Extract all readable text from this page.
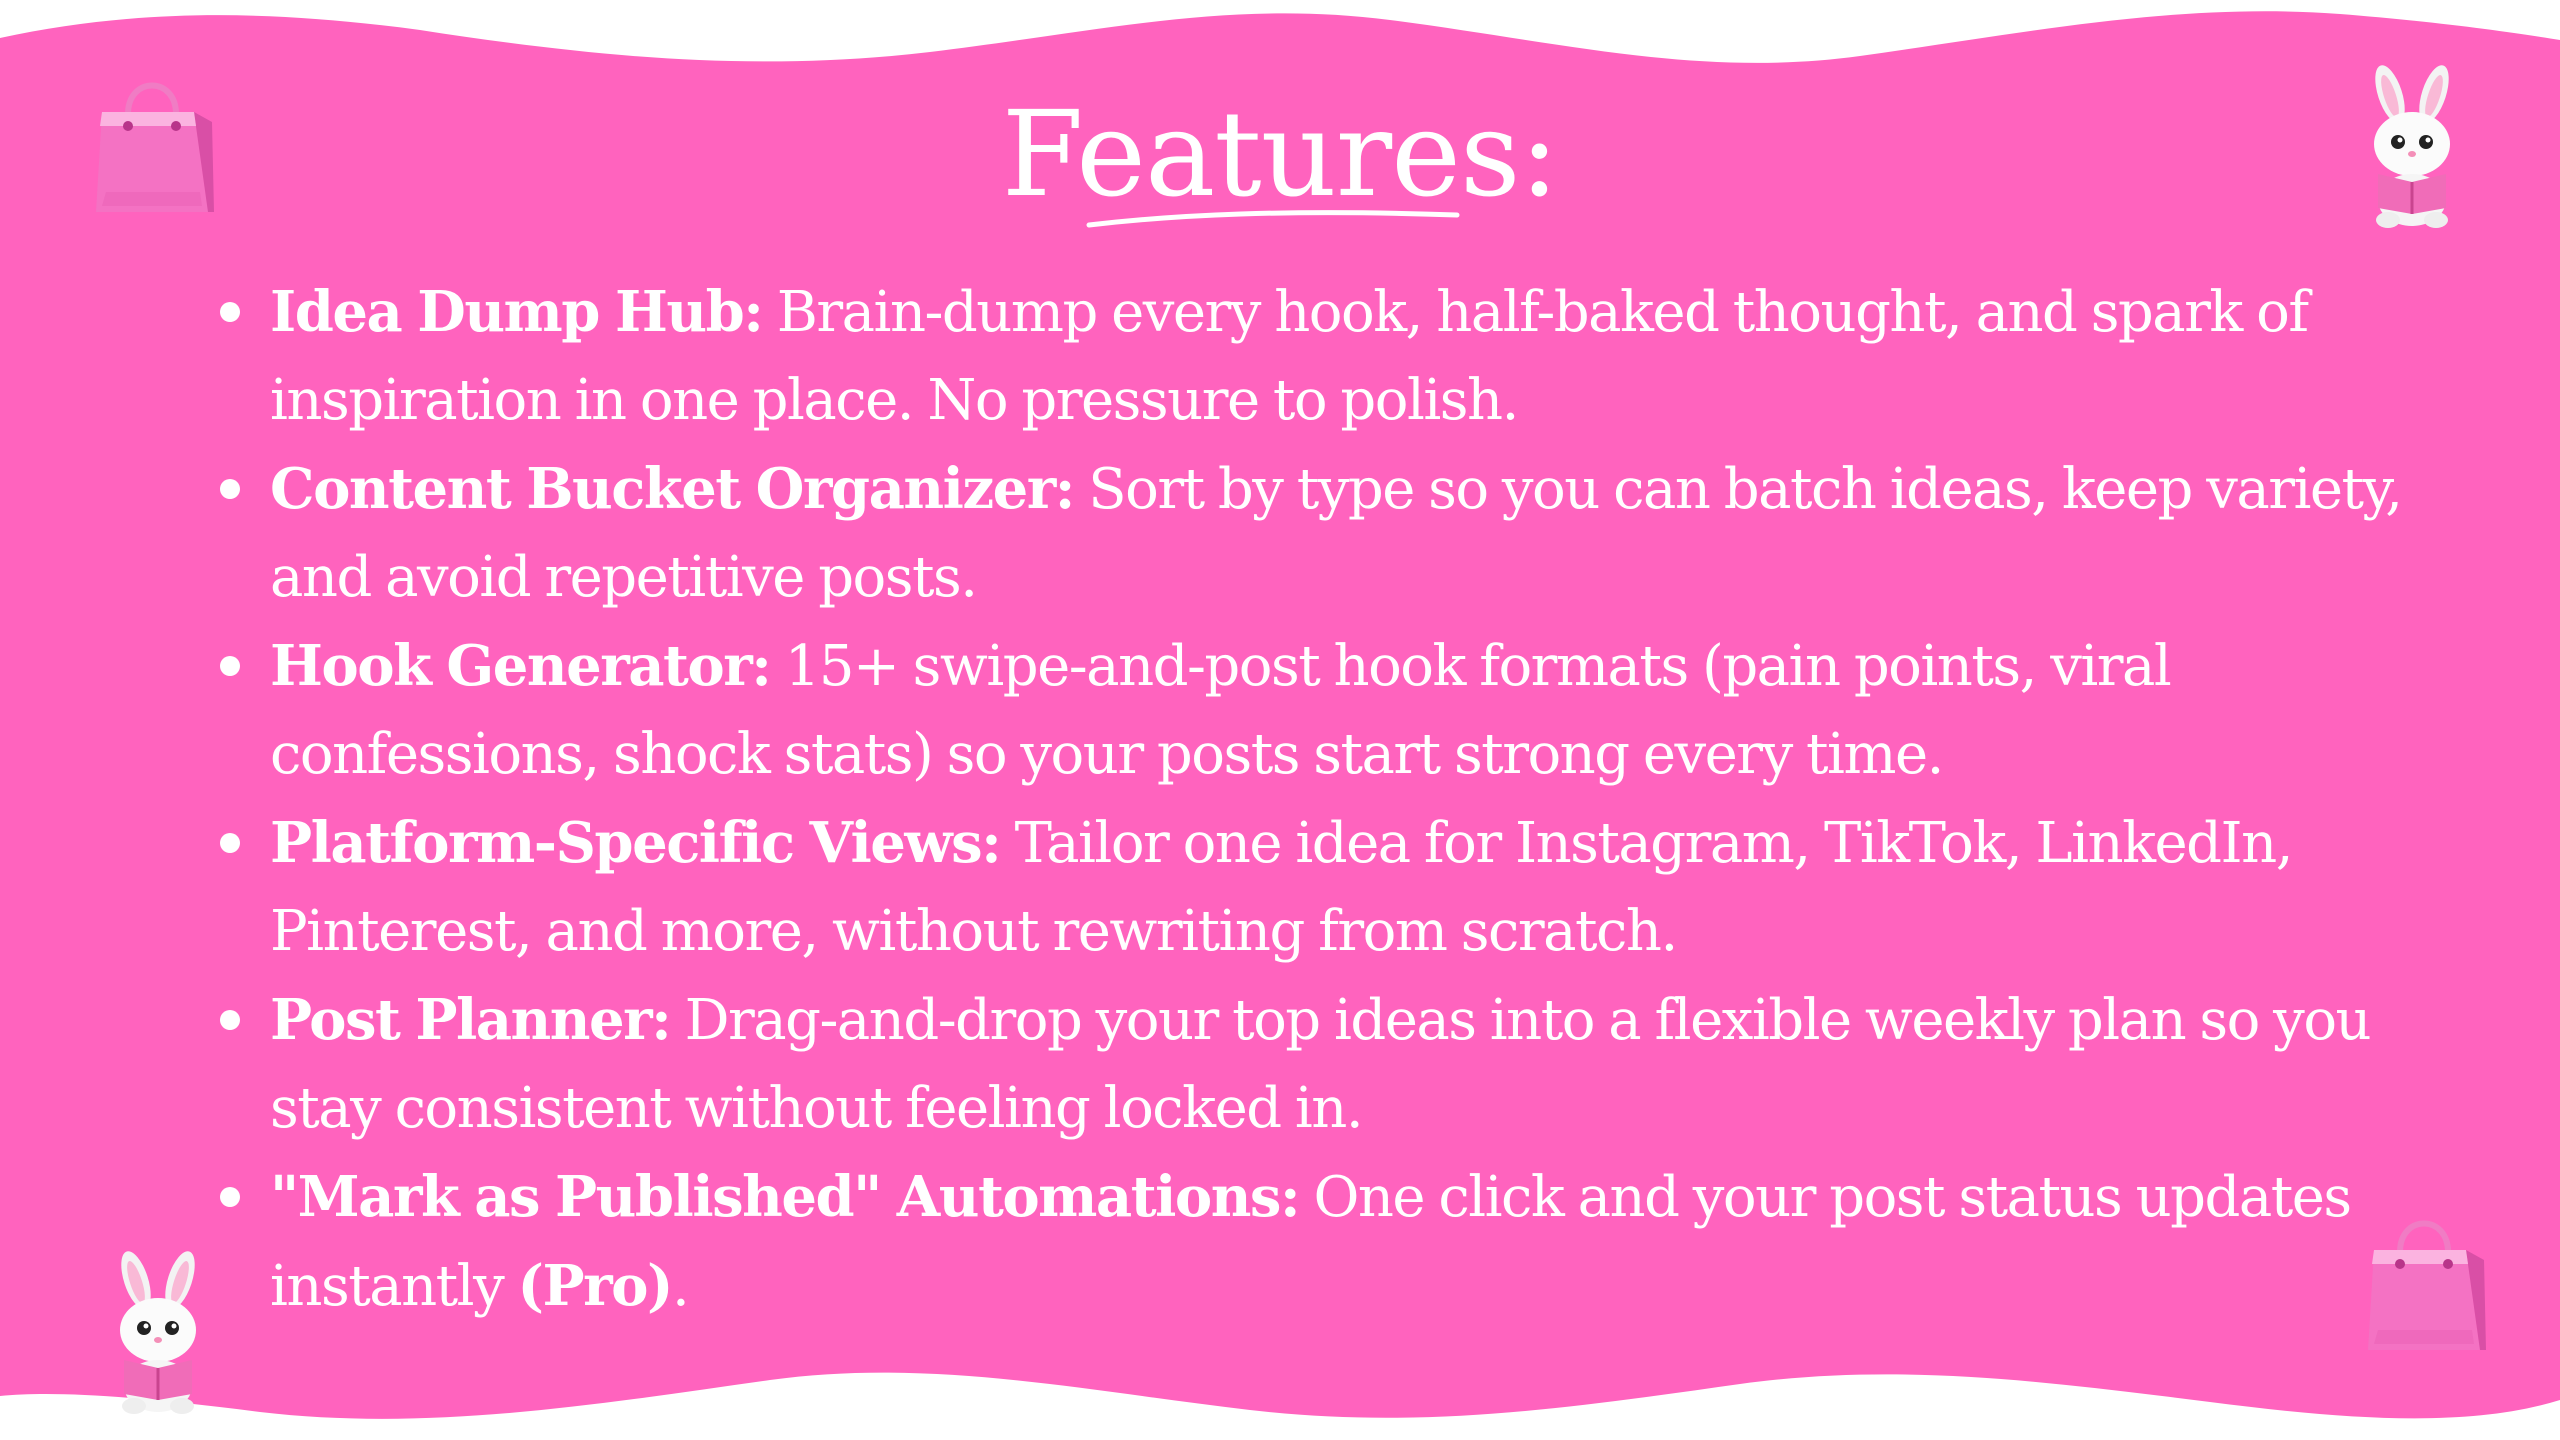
Features:
Idea Dump Hub: Brain-dump every hook, half-baked thought, and spark of inspiration in one place. No pressure to polish.
Content Bucket Organizer: Sort by type so you can batch ideas, keep variety, and avoid repetitive posts.
Hook Generator: 15+ swipe-and-post hook formats (pain points, viral confessions, shock stats) so your posts start strong every time.
Platform-Specific Views: Tailor one idea for Instagram, TikTok, LinkedIn, Pinterest, and more, without rewriting from scratch.
Post Planner: Drag-and-drop your top ideas into a flexible weekly plan so you stay consistent without feeling locked in.
"Mark as Published" Automations: One click and your post status updates instantly (Pro).
